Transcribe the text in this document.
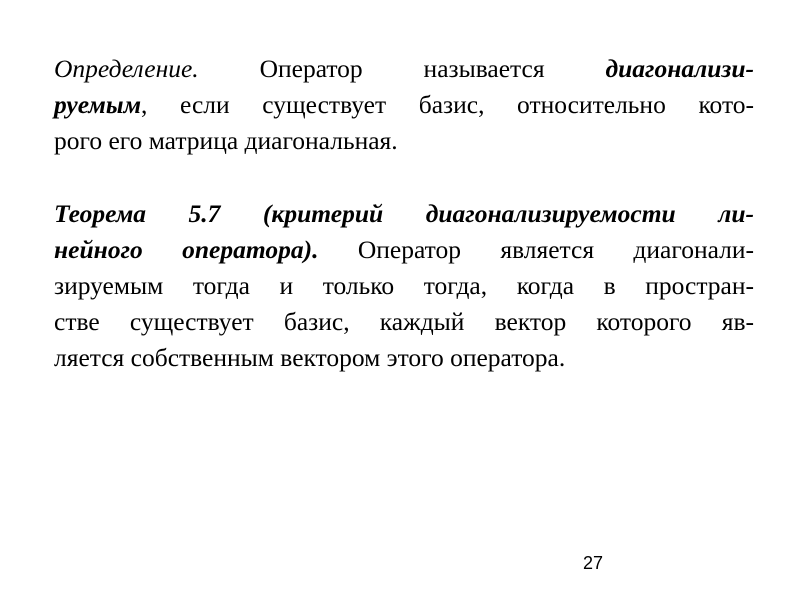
Определение. Оператор называется диагонализи-
руемым, если существует базис, относительно кото-
рого его матрица диагональная.
Теорема 5.7 (критерий диагонализируемости ли-
нейного оператора). Оператор является диагонали-
зируемым тогда и только тогда, когда в простран-
стве существует базис, каждый вектор которого яв-
ляется собственным вектором этого оператора.
27
